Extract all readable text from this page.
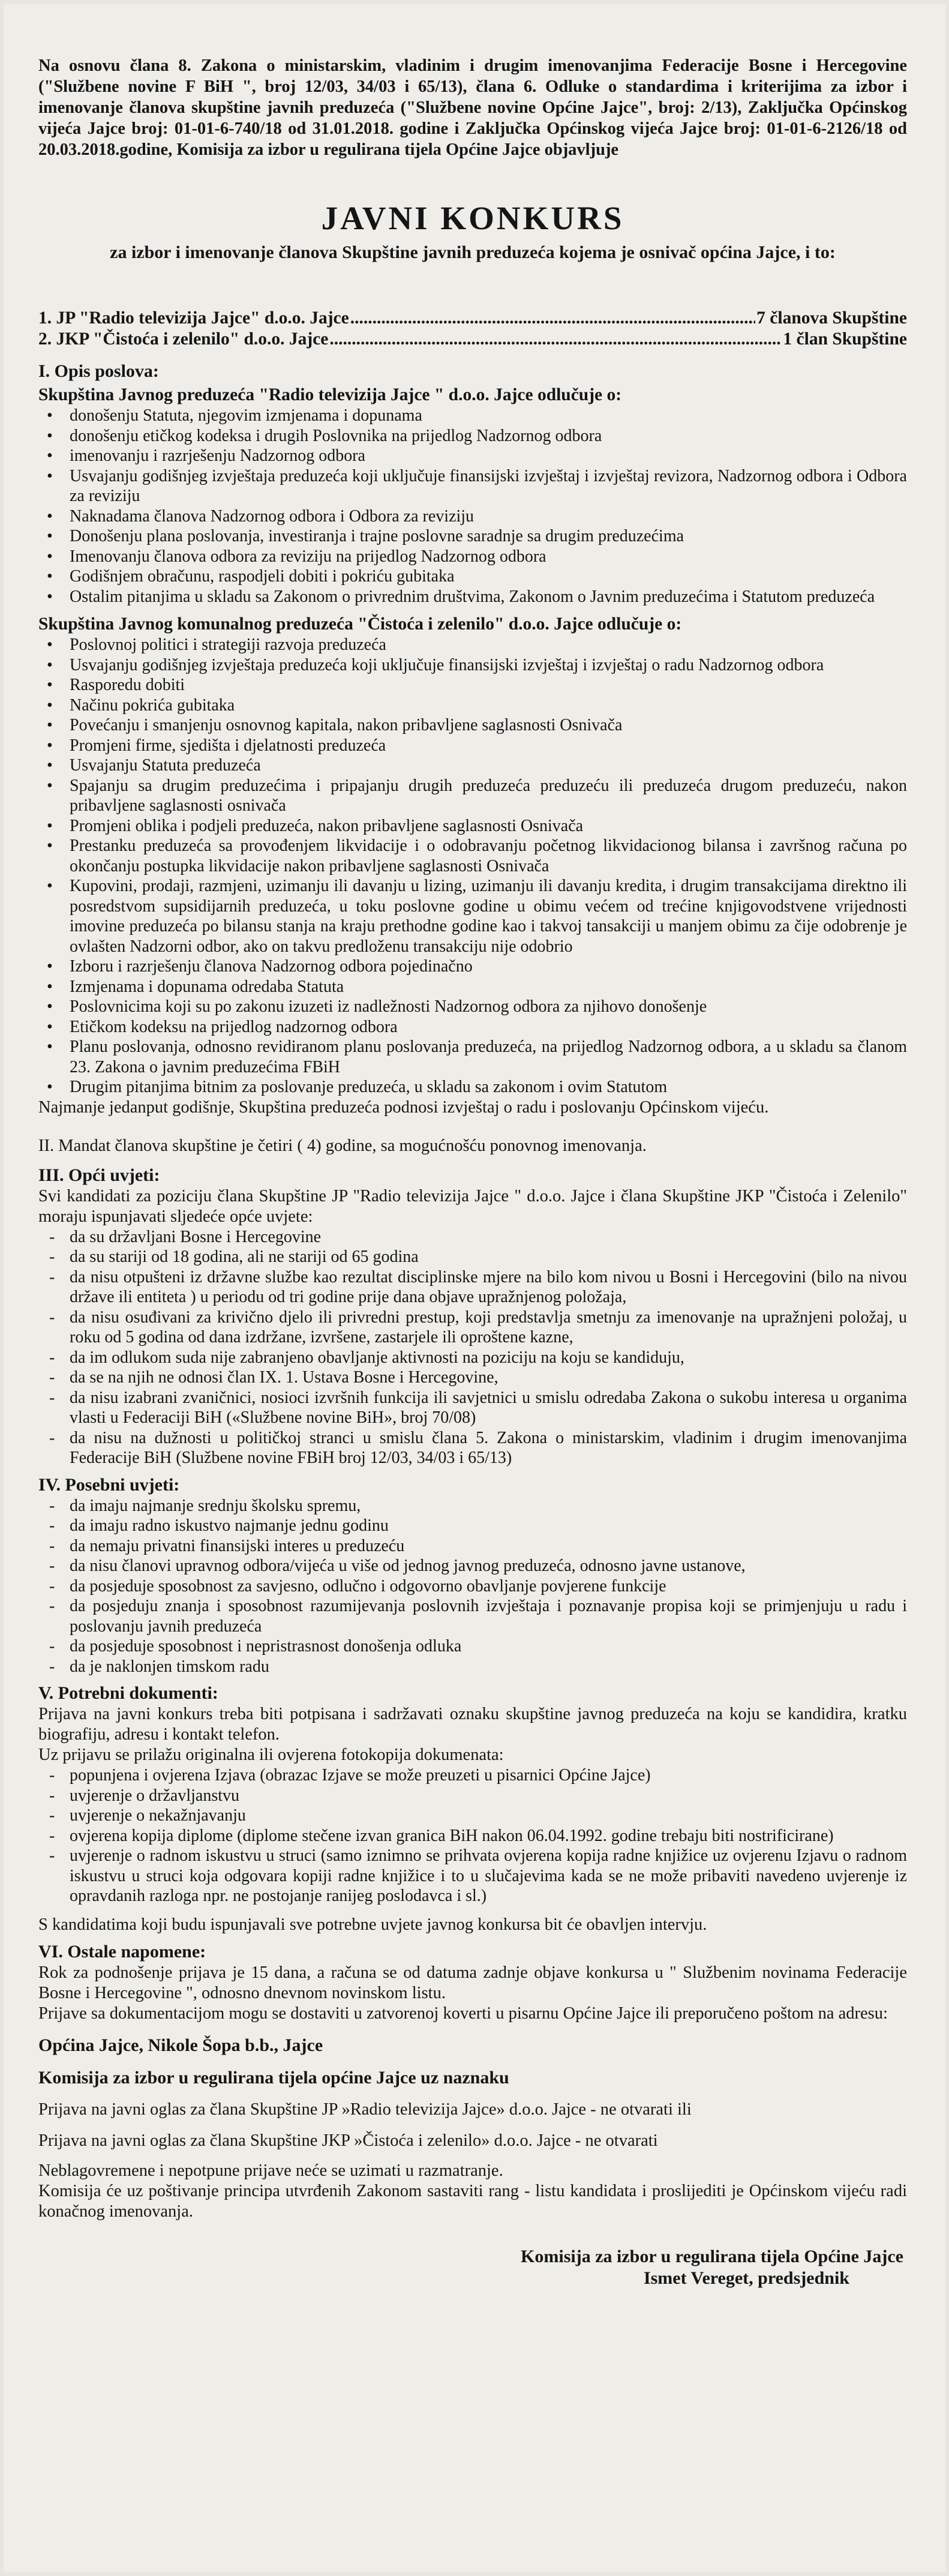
Na osnovu člana 8. Zakona o ministarskim, vladinim i drugim imenovanjima Federacije Bosne i Hercegovine ("Službene novine F BiH ", broj 12/03, 34/03 i 65/13), člana 6. Odluke o standardima i kriterijima za izbor i imenovanje članova skupštine javnih preduzeća ("Službene novine Općine Jajce", broj: 2/13), Zaključka Općinskog vijeća Jajce broj: 01-01-6-740/18 od 31.01.2018. godine i Zaključka Općinskog vijeća Jajce broj: 01-01-6-2126/18 od 20.03.2018.godine, Komisija za izbor u regulirana tijela Općine Jajce objavljuje

JAVNI KONKURS

za izbor i imenovanje članova Skupštine javnih preduzeća kojema je osnivač općina Jajce, i to:

1. JP "Radio televizija Jajce" d.o.o. Jajce .....	7 članova Skupštine
2. JKP "Čistoća i zelenilo" d.o.o. Jajce .....	1 član Skupštine
I. Opis poslova:
Skupština Javnog preduzeća "Radio televizija Jajce " d.o.o. Jajce odlučuje o:
• donošenju Statuta, njegovim izmjenama i dopunama
• donošenju etičkog kodeksa i drugih Poslovnika na prijedlog Nadzornog odbora
• imenovanju i razrješenju Nadzornog odbora
• Usvajanju godišnjeg izvještaja preduzeća koji uključuje finansijski izvještaj i izvještaj revizora, Nadzornog odbora i Odbora za reviziju
• Naknadama članova Nadzornog odbora i Odbora za reviziju
• Donošenju plana poslovanja, investiranja i trajne poslovne saradnje sa drugim preduzećima
• Imenovanju članova odbora za reviziju na prijedlog Nadzornog odbora
• Godišnjem obračunu, raspodjeli dobiti i pokriću gubitaka
• Ostalim pitanjima u skladu sa Zakonom o privrednim društvima, Zakonom o Javnim preduzećima i Statutom preduzeća
Skupština Javnog komunalnog preduzeća "Čistoća i zelenilo" d.o.o. Jajce odlučuje o:
• Poslovnoj politici i strategiji razvoja preduzeća
• Usvajanju godišnjeg izvještaja preduzeća koji uključuje finansijski izvještaj i izvještaj o radu Nadzornog odbora
• Rasporedu dobiti
• Načinu pokrića gubitaka
• Povećanju i smanjenju osnovnog kapitala, nakon pribavljene saglasnosti Osnivača
• Promjeni firme, sjedišta i djelatnosti preduzeća
• Usvajanju Statuta preduzeća
• Spajanju sa drugim preduzećima i pripajanju drugih preduzeća preduzeću ili preduzeća drugom preduzeću, nakon pribavljene saglasnosti osnivača
• Promjeni oblika i podjeli preduzeća, nakon pribavljene saglasnosti Osnivača
• Prestanku preduzeća sa provođenjem likvidacije i o odobravanju početnog likvidacionog bilansa i završnog računa po okončanju postupka likvidacije nakon pribavljene saglasnosti Osnivača
• Kupovini, prodaji, razmjeni, uzimanju ili davanju u lizing, uzimanju ili davanju kredita, i drugim transakcijama direktno ili posredstvom supsidijarnih preduzeća, u toku poslovne godine u obimu većem od trećine knjigovodstvene vrijednosti imovine preduzeća po bilansu stanja na kraju prethodne godine kao i takvoj tansakciji u manjem obimu za čije odobrenje je ovlašten Nadzorni odbor, ako on takvu predloženu transakciju nije odobrio
• Izboru i razrješenju članova Nadzornog odbora pojedinačno
• Izmjenama i dopunama odredaba Statuta
• Poslovnicima koji su po zakonu izuzeti iz nadležnosti Nadzornog odbora za njihovo donošenje
• Etičkom kodeksu na prijedlog nadzornog odbora
• Planu poslovanja, odnosno revidiranom planu poslovanja preduzeća, na prijedlog Nadzornog odbora, a u skladu sa članom 23. Zakona o javnim preduzećima FBiH
• Drugim pitanjima bitnim za poslovanje preduzeća, u skladu sa zakonom i ovim Statutom

Najmanje jedanput godišnje, Skupština preduzeća podnosi izvještaj o radu i poslovanju Općinskom vijeću.

II. Mandat članova skupštine je četiri ( 4) godine, sa mogućnošću ponovnog imenovanja.

III. Opći uvjeti:

Svi kandidati za poziciju člana Skupštine JP "Radio televizija Jajce " d.o.o. Jajce i člana Skupštine JKP "Čistoća i Zelenilo" moraju ispunjavati sljedeće opće uvjete:

- da su državljani Bosne i Hercegovine
- da su stariji od 18 godina, ali ne stariji od 65 godina
- da nisu otpušteni iz državne službe kao rezultat disciplinske mjere na bilo kom nivou u Bosni i Hercegovini (bilo na nivou države ili entiteta ) u periodu od tri godine prije dana objave upražnjenog položaja,
- da nisu osuđivani za krivično djelo ili privredni prestup, koji predstavlja smetnju za imenovanje na upražnjeni položaj, u roku od 5 godina od dana izdržane, izvršene, zastarjele ili oproštene kazne,
- da im odlukom suda nije zabranjeno obavljanje aktivnosti na poziciju na koju se kandiduju,
- da se na njih ne odnosi član IX. 1. Ustava Bosne i Hercegovine,
- da nisu izabrani zvaničnici, nosioci izvršnih funkcija ili savjetnici u smislu odredaba Zakona o sukobu interesa u organima vlasti u Federaciji BiH («Službene novine BiH», broj 70/08)
- da nisu na dužnosti u političkoj stranci u smislu člana 5. Zakona o ministarskim, vladinim i drugim imenovanjima Federacije BiH (Službene novine FBiH broj 12/03, 34/03 i 65/13)
IV. Posebni uvjeti:
- da imaju najmanje srednju školsku spremu,
- da imaju radno iskustvo najmanje jednu godinu
- da nemaju privatni finansijski interes u preduzeću
- da nisu članovi upravnog odbora/vijeća u više od jednog javnog preduzeća, odnosno javne ustanove,
- da posjeduje sposobnost za savjesno, odlučno i odgovorno obavljanje povjerene funkcije
- da posjeduju znanja i sposobnost razumijevanja poslovnih izvještaja i poznavanje propisa koji se primjenjuju u radu i poslovanju javnih preduzeća
- da posjeduje sposobnost i nepristrasnost donošenja odluka
- da je naklonjen timskom radu
V. Potrebni dokumenti:

Prijava na javni konkurs treba biti potpisana i sadržavati oznaku skupštine javnog preduzeća na koju se kandidira, kratku biografiju, adresu i kontakt telefon.

Uz prijavu se prilažu originalna ili ovjerena fotokopija dokumenata:

- popunjena i ovjerena Izjava (obrazac Izjave se može preuzeti u pisarnici Općine Jajce)
- uvjerenje o državljanstvu
- uvjerenje o nekažnjavanju
- ovjerena kopija diplome (diplome stečene izvan granica BiH nakon 06.04.1992. godine trebaju biti nostrificirane)
- uvjerenje o radnom iskustvu u struci (samo iznimno se prihvata ovjerena kopija radne knjižice uz ovjerenu Izjavu o radnom iskustvu u struci koja odgovara kopiji radne knjižice i to u slučajevima kada se ne može pribaviti navedeno uvjerenje iz opravdanih razloga npr. ne postojanje ranijeg poslodavca i sl.)

S kandidatima koji budu ispunjavali sve potrebne uvjete javnog konkursa bit će obavljen intervju.

VI. Ostale napomene:

Rok za podnošenje prijava je 15 dana, a računa se od datuma zadnje objave konkursa u " Službenim novinama Federacije Bosne i Hercegovine ", odnosno dnevnom novinskom listu.

Prijave sa dokumentacijom mogu se dostaviti u zatvorenoj koverti u pisarnu Općine Jajce ili preporučeno poštom na adresu:

Općina Jajce, Nikole Šopa b.b., Jajce

Komisija za izbor u regulirana tijela općine Jajce uz naznaku

Prijava na javni oglas za člana Skupštine JP »Radio televizija Jajce» d.o.o. Jajce - ne otvarati ili

Prijava na javni oglas za člana Skupštine JKP »Čistoća i zelenilo» d.o.o. Jajce - ne otvarati

Neblagovremene i nepotpune prijave neće se uzimati u razmatranje.

Komisija će uz poštivanje principa utvrđenih Zakonom sastaviti rang - listu kandidata i proslijediti je Općinskom vijeću radi konačnog imenovanja.

Komisija za izbor u regulirana tijela Općine Jajce

Ismet Vereget, predsjednik
